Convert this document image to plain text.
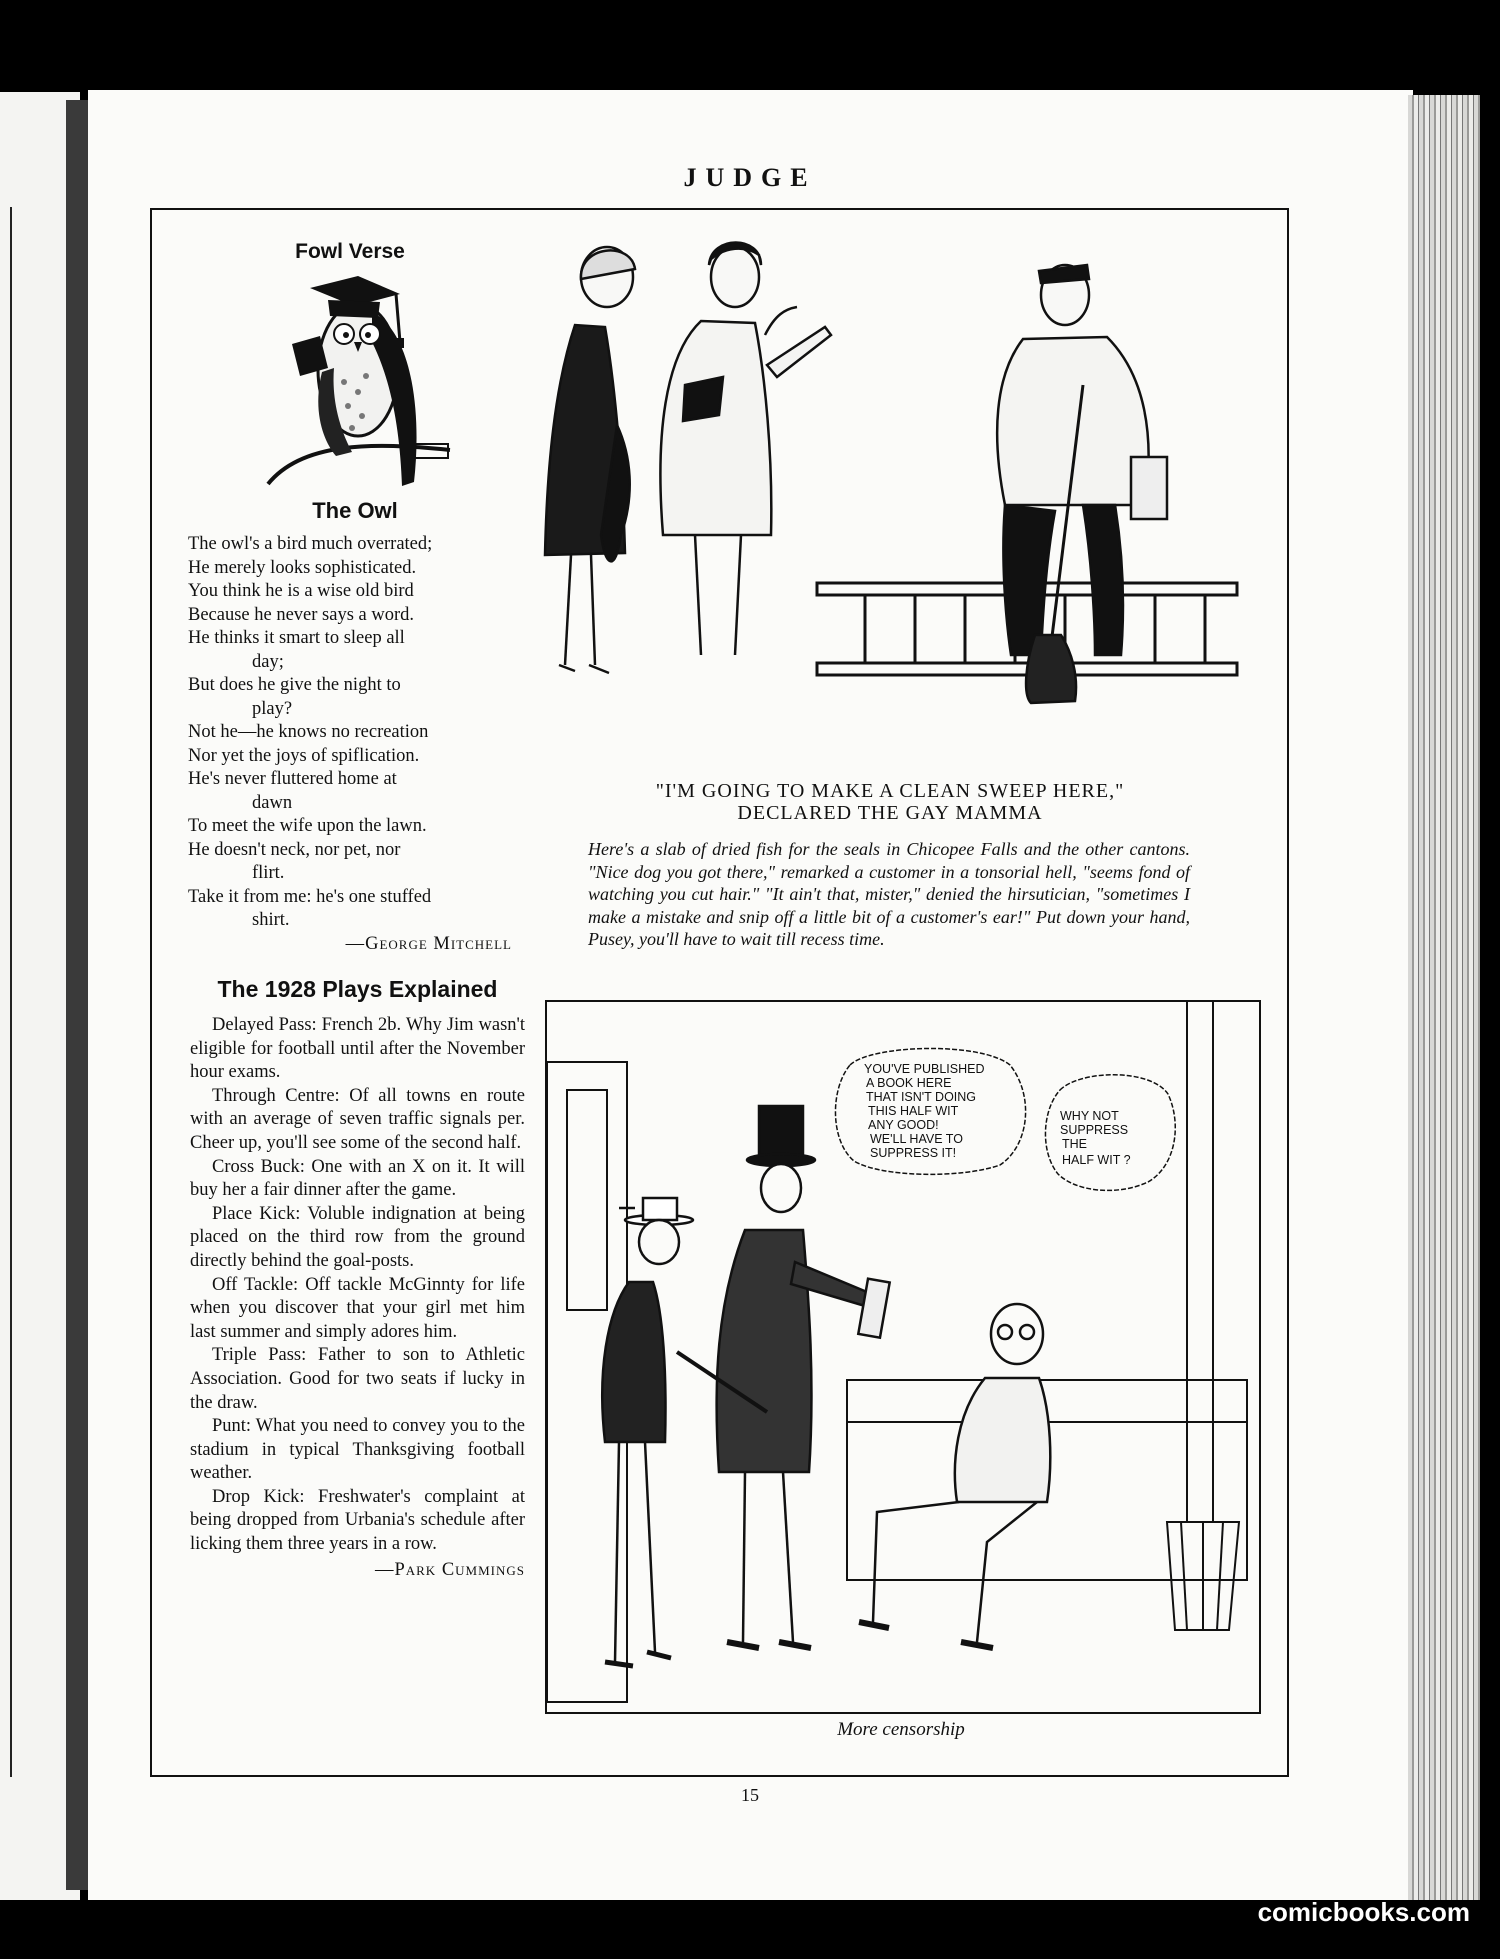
JUDGE
Fowl Verse
The Owl
The owl's a bird much overrated;
He merely looks sophisticated.
You think he is a wise old bird
Because he never says a word.
He thinks it smart to sleep all
day;
But does he give the night to
play?
Not he—he knows no recreation
Nor yet the joys of spiflication.
He's never fluttered home at
dawn
To meet the wife upon the lawn.
He doesn't neck, nor pet, nor
flirt.
Take it from me: he's one stuffed
shirt.
—George Mitchell
The 1928 Plays Explained

Delayed Pass: French 2b. Why Jim wasn't eligible for football until after the November hour exams.

Through Centre: Of all towns en route with an average of seven traffic signals per. Cheer up, you'll see some of the second half.

Cross Buck: One with an X on it. It will buy her a fair dinner after the game.

Place Kick: Voluble indignation at being placed on the third row from the ground directly behind the goal-posts.

Off Tackle: Off tackle McGinnty for life when you discover that your girl met him last summer and simply adores him.

Triple Pass: Father to son to Athletic Association. Good for two seats if lucky in the draw.

Punt: What you need to convey you to the stadium in typical Thanksgiving football weather.

Drop Kick: Freshwater's complaint at being dropped from Urbania's schedule after licking them three years in a row.

—Park Cummings
"I'M GOING TO MAKE A CLEAN SWEEP HERE,"
DECLARED THE GAY MAMMA
Here's a slab of dried fish for the seals in Chicopee Falls and the other cantons. "Nice dog you got there," remarked a customer in a tonsorial hell, "seems fond of watching you cut hair." "It ain't that, mister," denied the hirsutician, "sometimes I make a mistake and snip off a little bit of a customer's ear!" Put down your hand, Pusey, you'll have to wait till recess time.
YOU'VE PUBLISHED
A BOOK HERE
THAT ISN'T DOING
THIS HALF WIT
ANY GOOD!
WE'LL HAVE TO
SUPPRESS IT!
WHY NOT
SUPPRESS
THE
HALF WIT ?
More censorship
15
comicbooks.com
